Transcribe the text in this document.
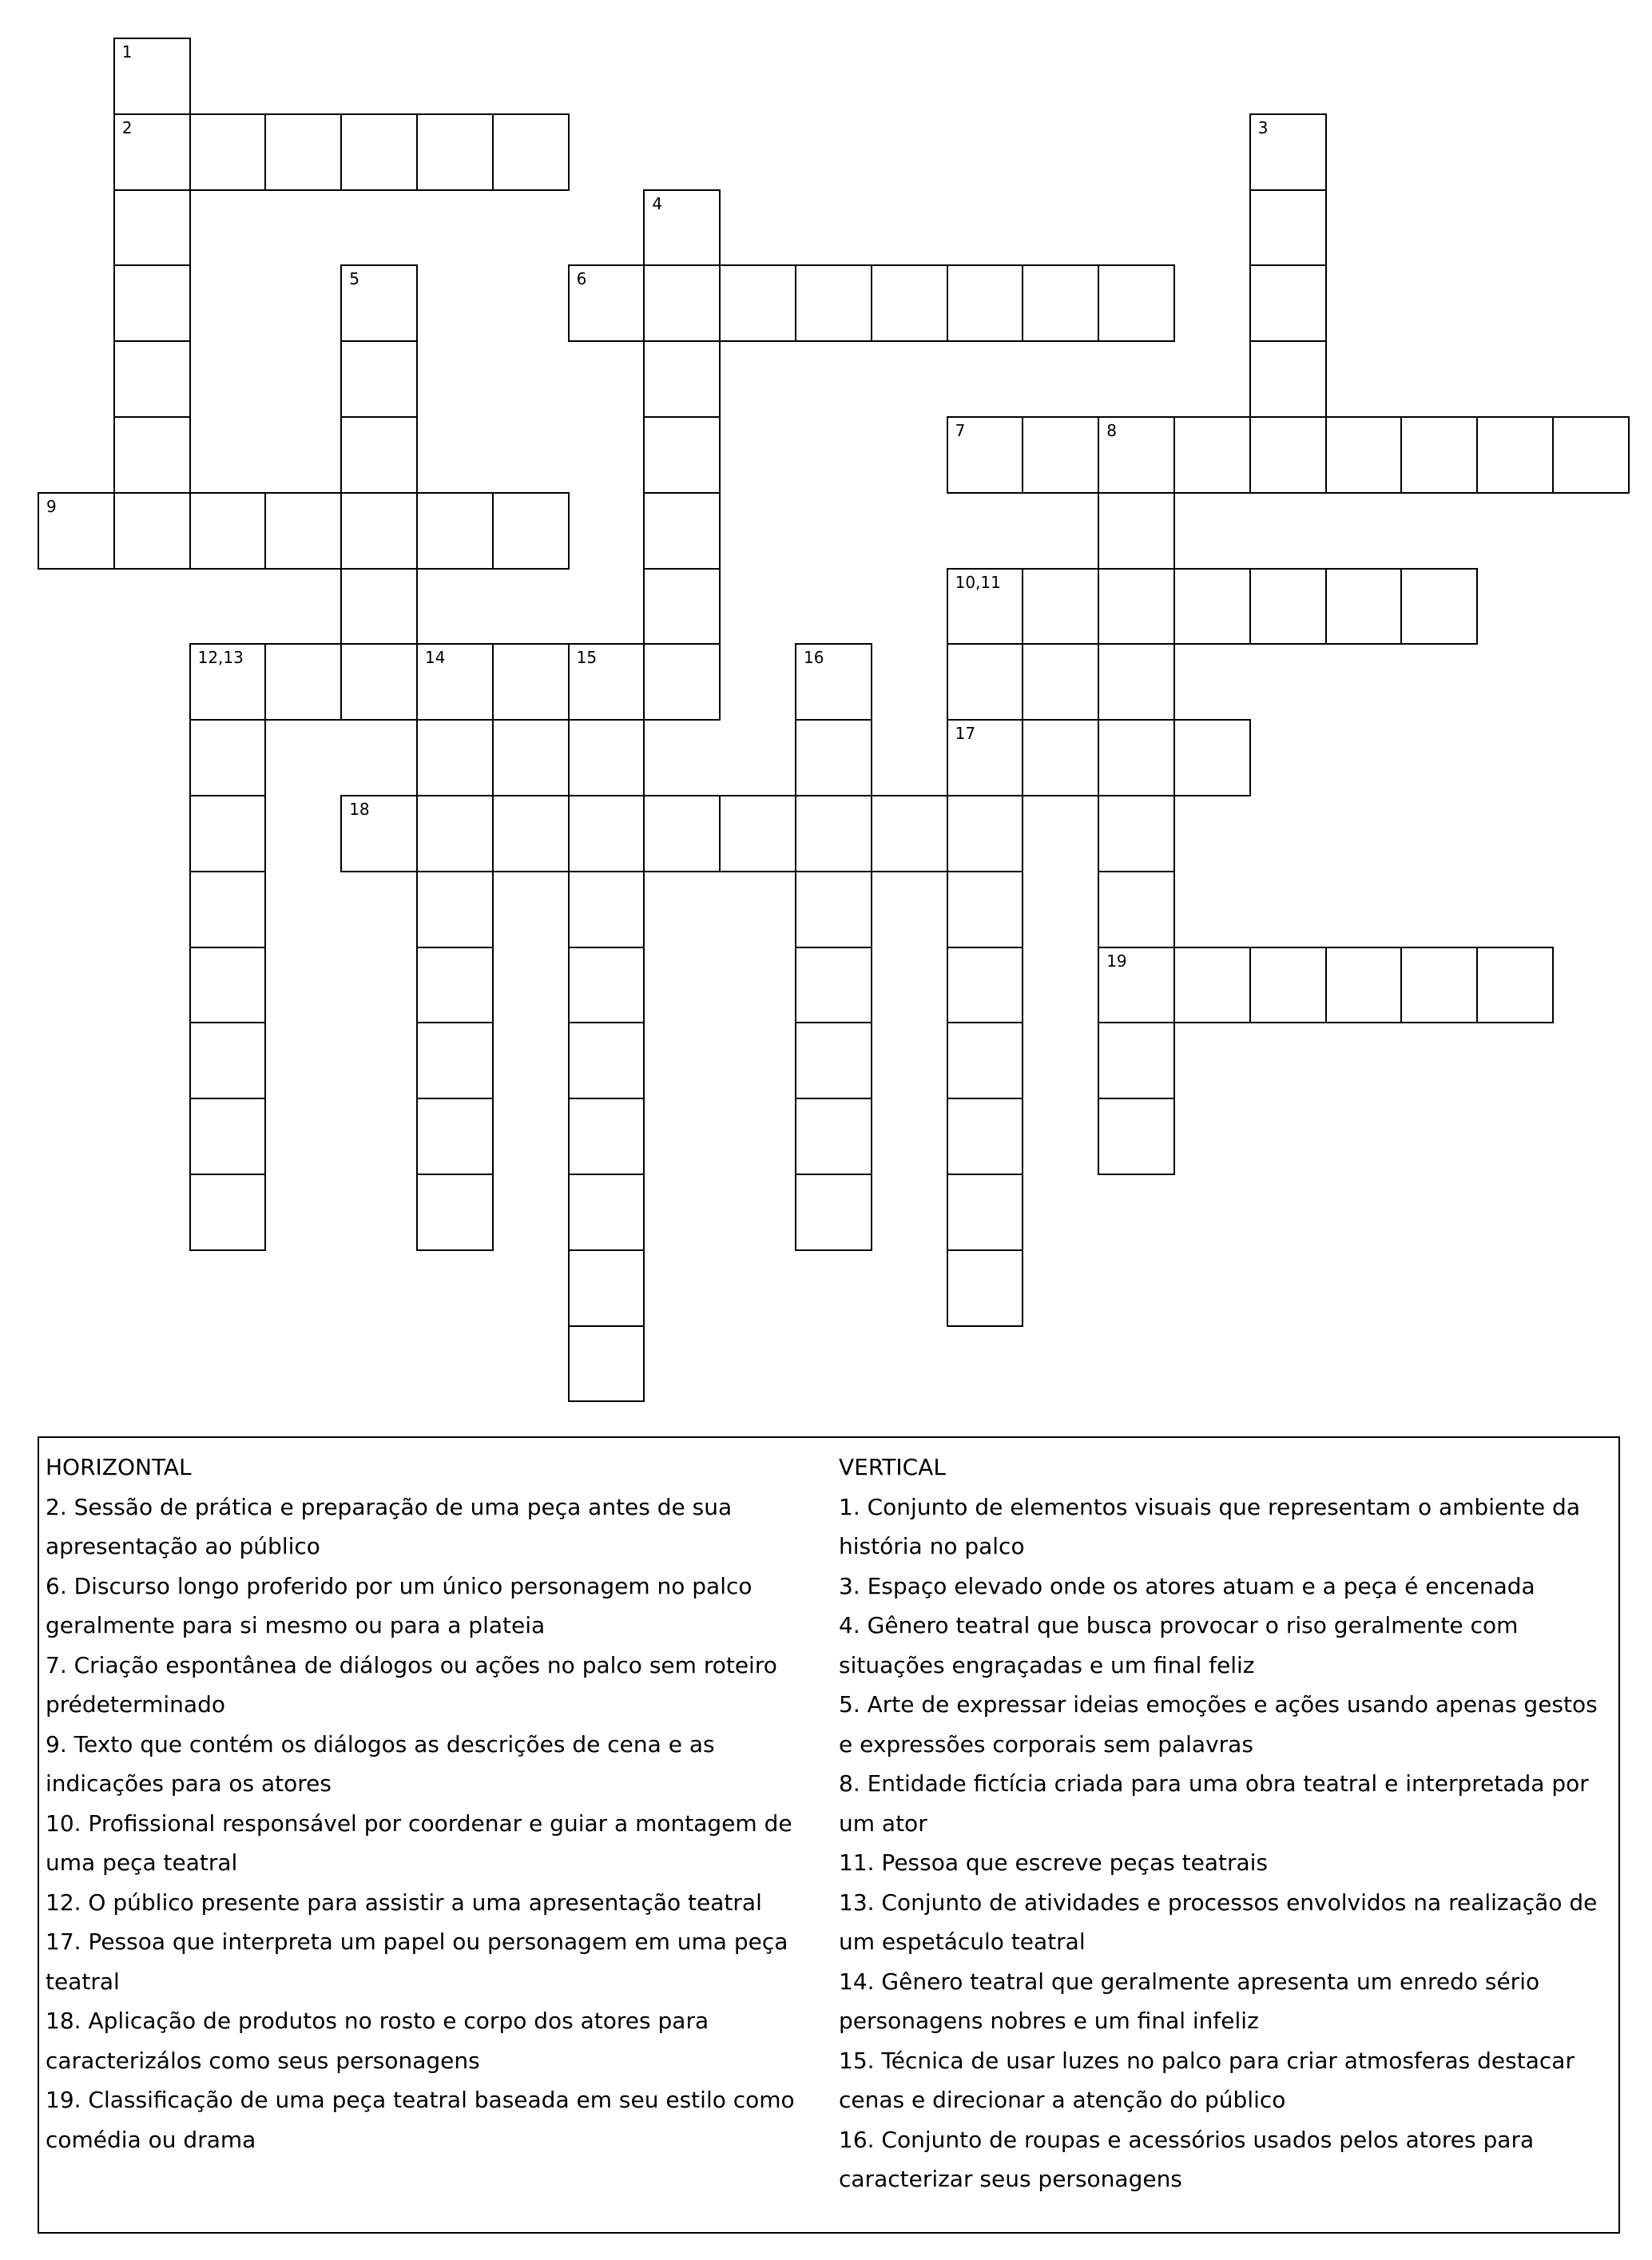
1
2	3
4
5	6
7	8
19
9
10,11
17
12,13	14	15	16
18
HORIZONTAL
2. Sessão de prática e preparação de uma peça antes de sua apresentação ao público
6. Discurso longo proferido por um único personagem no palco geralmente para si mesmo ou para a plateia
7. Criação espontânea de diálogos ou ações no palco sem roteiro prédeterminado
9. Texto que contém os diálogos as descrições de cena e as indicações para os atores
10. Profissional responsável por coordenar e guiar a montagem de uma peça teatral
12. O público presente para assistir a uma apresentação teatral
17. Pessoa que interpreta um papel ou personagem em uma peça teatral
18. Aplicação de produtos no rosto e corpo dos atores para caracterizálos como seus personagens
19. Classificação de uma peça teatral baseada em seu estilo como comédia ou drama
VERTICAL
1. Conjunto de elementos visuais que representam o ambiente da história no palco
3. Espaço elevado onde os atores atuam e a peça é encenada
4. Gênero teatral que busca provocar o riso geralmente com situações engraçadas e um final feliz
5. Arte de expressar ideias emoções e ações usando apenas gestos e expressões corporais sem palavras
8. Entidade fictícia criada para uma obra teatral e interpretada por um ator
11. Pessoa que escreve peças teatrais
13. Conjunto de atividades e processos envolvidos na realização de um espetáculo teatral
14. Gênero teatral que geralmente apresenta um enredo sério personagens nobres e um final infeliz
15. Técnica de usar luzes no palco para criar atmosferas destacar cenas e direcionar a atenção do público
16. Conjunto de roupas e acessórios usados pelos atores para caracterizar seus personagens
